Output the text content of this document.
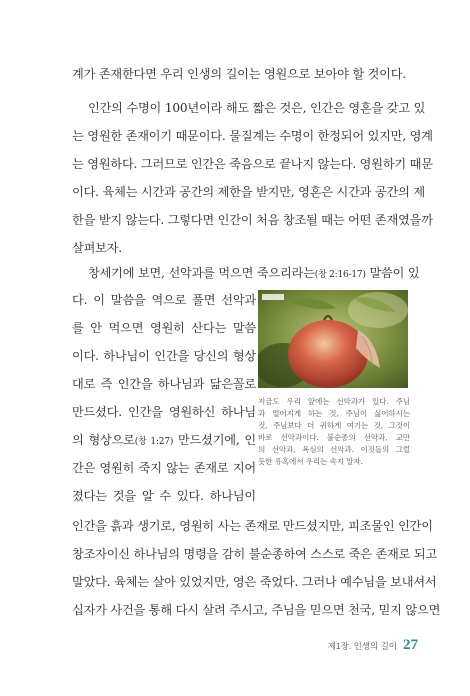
계가 존재한다면 우리 인생의 길이는 영원으로 보아야 할 것이다.
인간의 수명이 100년이라 해도 짧은 것은, 인간은 영혼을 갖고 있
는 영원한 존재이기 때문이다. 물질계는 수명이 한정되어 있지만, 영계
는 영원하다. 그러므로 인간은 죽음으로 끝나지 않는다. 영원하기 때문
이다. 육체는 시간과 공간의 제한을 받지만, 영혼은 시간과 공간의 제
한을 받지 않는다. 그렇다면 인간이 처음 창조될 때는 어떤 존재였을까
살펴보자.
창세기에 보면, 선악과를 먹으면 죽으리라는(창 2:16-17) 말씀이 있
다. 이 말씀을 역으로 풀면 선악과
를 안 먹으면 영원히 산다는 말씀
이다. 하나님이 인간을 당신의 형상
대로 즉 인간을 하나님과 닮은꼴로
만드셨다. 인간을 영원하신 하나님
의 형상으로(창 1:27) 만드셨기에, 인
간은 영원히 죽지 않는 존재로 지어
졌다는 것을 알 수 있다. 하나님이
지금도 우리 앞에는 선악과가 있다. 주님
과 멀어지게 하는 것, 주님이 싫어하시는
것, 주님보다 더 귀하게 여기는 것, 그것이
바로 선악과이다. 불순종의 선악과, 교만
의 선악과, 욕심의 선악과. 이것들의 그럴
듯한 유혹에서 우리는 속지 말자.
인간을 흙과 생기로, 영원히 사는 존재로 만드셨지만, 피조물인 인간이
창조자이신 하나님의 명령을 감히 불순종하여 스스로 죽은 존재로 되고
말았다. 육체는 살아 있었지만, 영은 죽었다. 그러나 예수님을 보내셔서
십자가 사건을 통해 다시 살려 주시고, 주님을 믿으면 천국, 믿지 않으면
제1장. 인생의 길이 27
